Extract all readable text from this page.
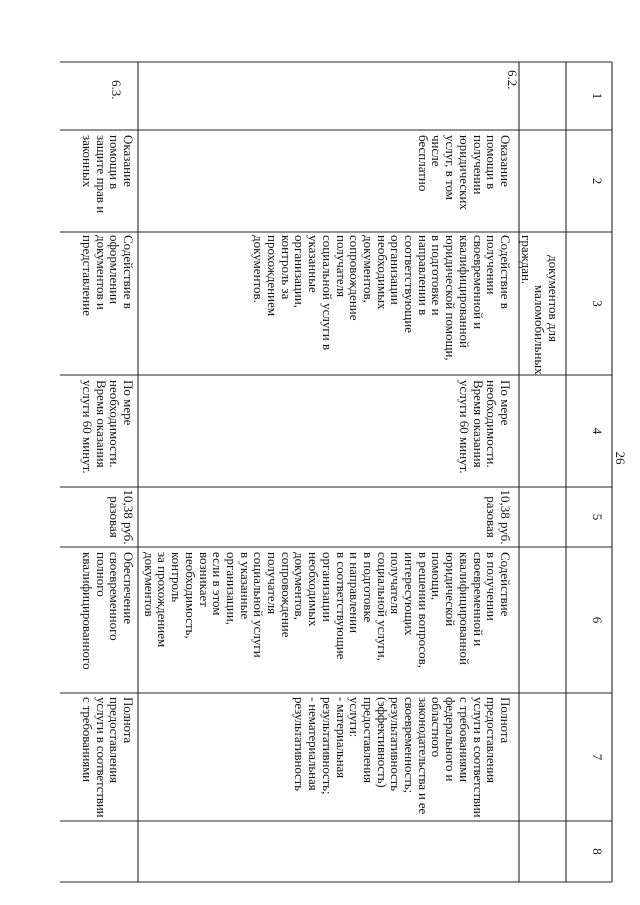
26
1
2
3
4
5
6
7
8
документов для
маломобильных
граждан.
6.2.
Оказание
помощи в
получении
юридических
услуг, в том
числе
бесплатно
Содействие в
получении
своевременной и
квалифицированной
юридической помощи,
в подготовке и
направлении в
соответствующие
организации
необходимых
документов,
сопровождение
получателя
социальной услуги в
указанные
организации,
контроль за
прохождением
документов.
По мере
необходимости.
Время оказания
услуги 60 минут.
10,38 руб.
разовая
Содействие
в получении
своевременной и
квалифицированной
юридической
помощи,
в решении вопросов,
интересующих
получателя
социальной услуги,
в подготовке
и направлении
в соответствующие
организации
необходимых
документов,
сопровождение
получателя
социальной услуги
в указанные
организации,
если в этом
возникает
необходимость,
контроль
за прохождением
документов
Полнота
предоставления
услуги в соответствии
с требованиями
федерального и
областного
законодательства и ее
своевременность;
результативность
(эффективность)
предоставления
услуги:
- материальная
результативность;
- нематериальная
результативность
6.3.
Оказание
помощи в
защите прав и
законных
Содействие в
оформлении
документов и
представление
По мере
необходимости.
Время оказания
услуги 60 минут.
10,38 руб.
разовая
Обеспечение
своевременного
полного
квалифицированного
Полнота
предоставления
услуги в соответствии
с требованиями
